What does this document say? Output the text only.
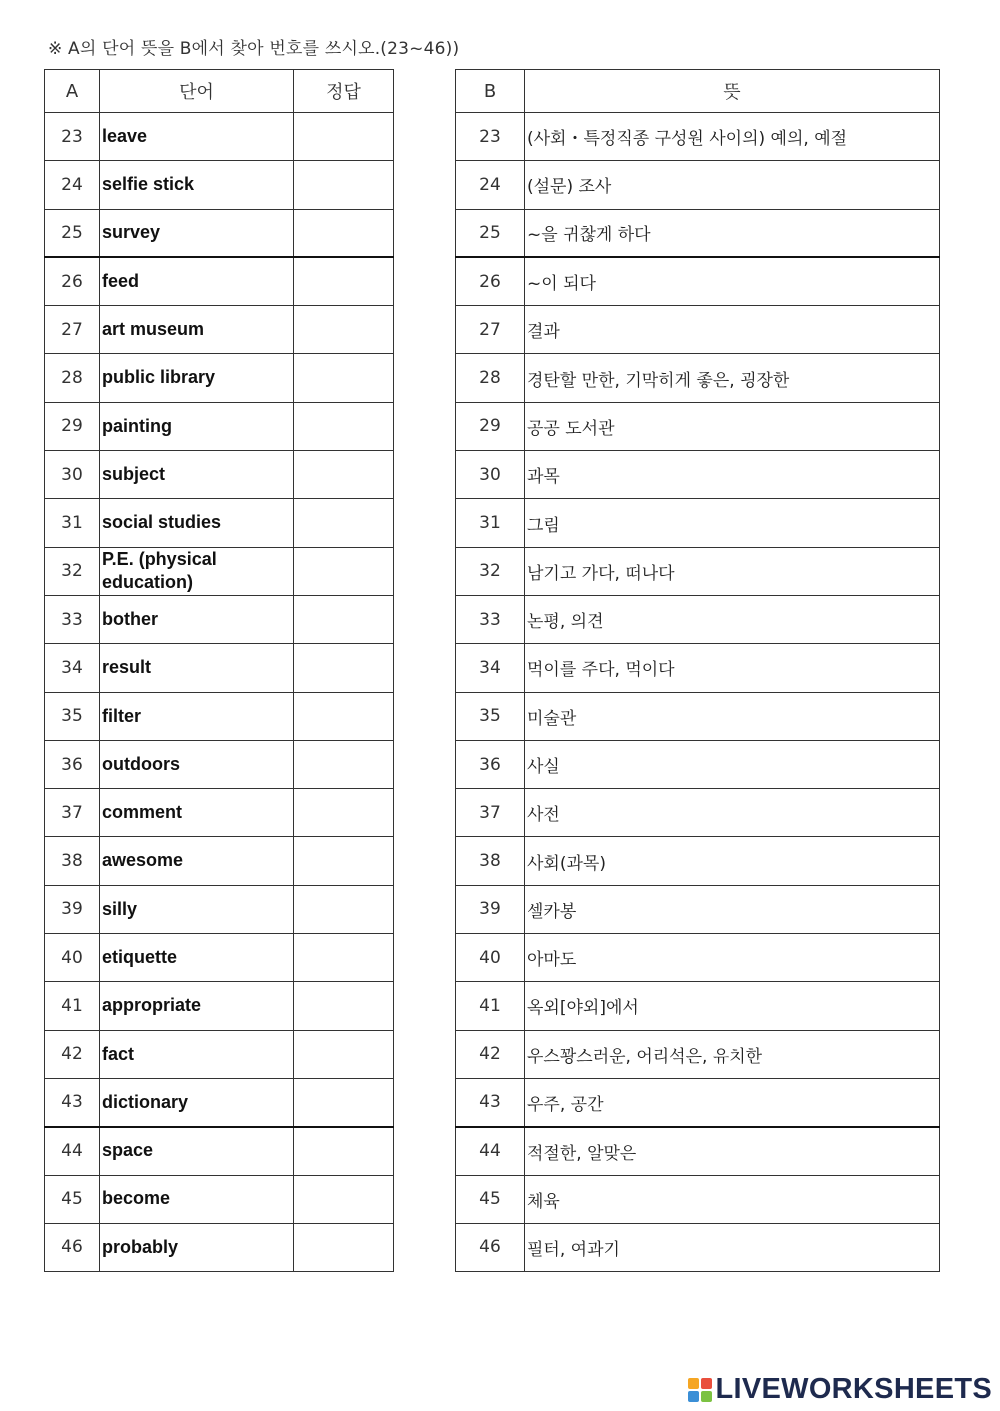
※ A의 단어 뜻을 B에서 찾아 번호를 쓰시오.(23~46))
A	단어	정답
23	leave	
24	selfie stick	
25	survey	
26	feed	
27	art museum	
28	public library	
29	painting	
30	subject	
31	social studies	
32	P.E. (physical education)	
33	bother	
34	result	
35	filter	
36	outdoors	
37	comment	
38	awesome	
39	silly	
40	etiquette	
41	appropriate	
42	fact	
43	dictionary	
44	space	
45	become	
46	probably	
B	뜻
23	(사회・특정직종 구성원 사이의) 예의, 예절
24	(설문) 조사
25	~을 귀찮게 하다
26	~이 되다
27	결과
28	경탄할 만한, 기막히게 좋은, 굉장한
29	공공 도서관
30	과목
31	그림
32	남기고 가다, 떠나다
33	논평, 의견
34	먹이를 주다, 먹이다
35	미술관
36	사실
37	사전
38	사회(과목)
39	셀카봉
40	아마도
41	옥외[야외]에서
42	우스꽝스러운, 어리석은, 유치한
43	우주, 공간
44	적절한, 알맞은
45	체육
46	필터, 여과기
LIVEWORKSHEETS
